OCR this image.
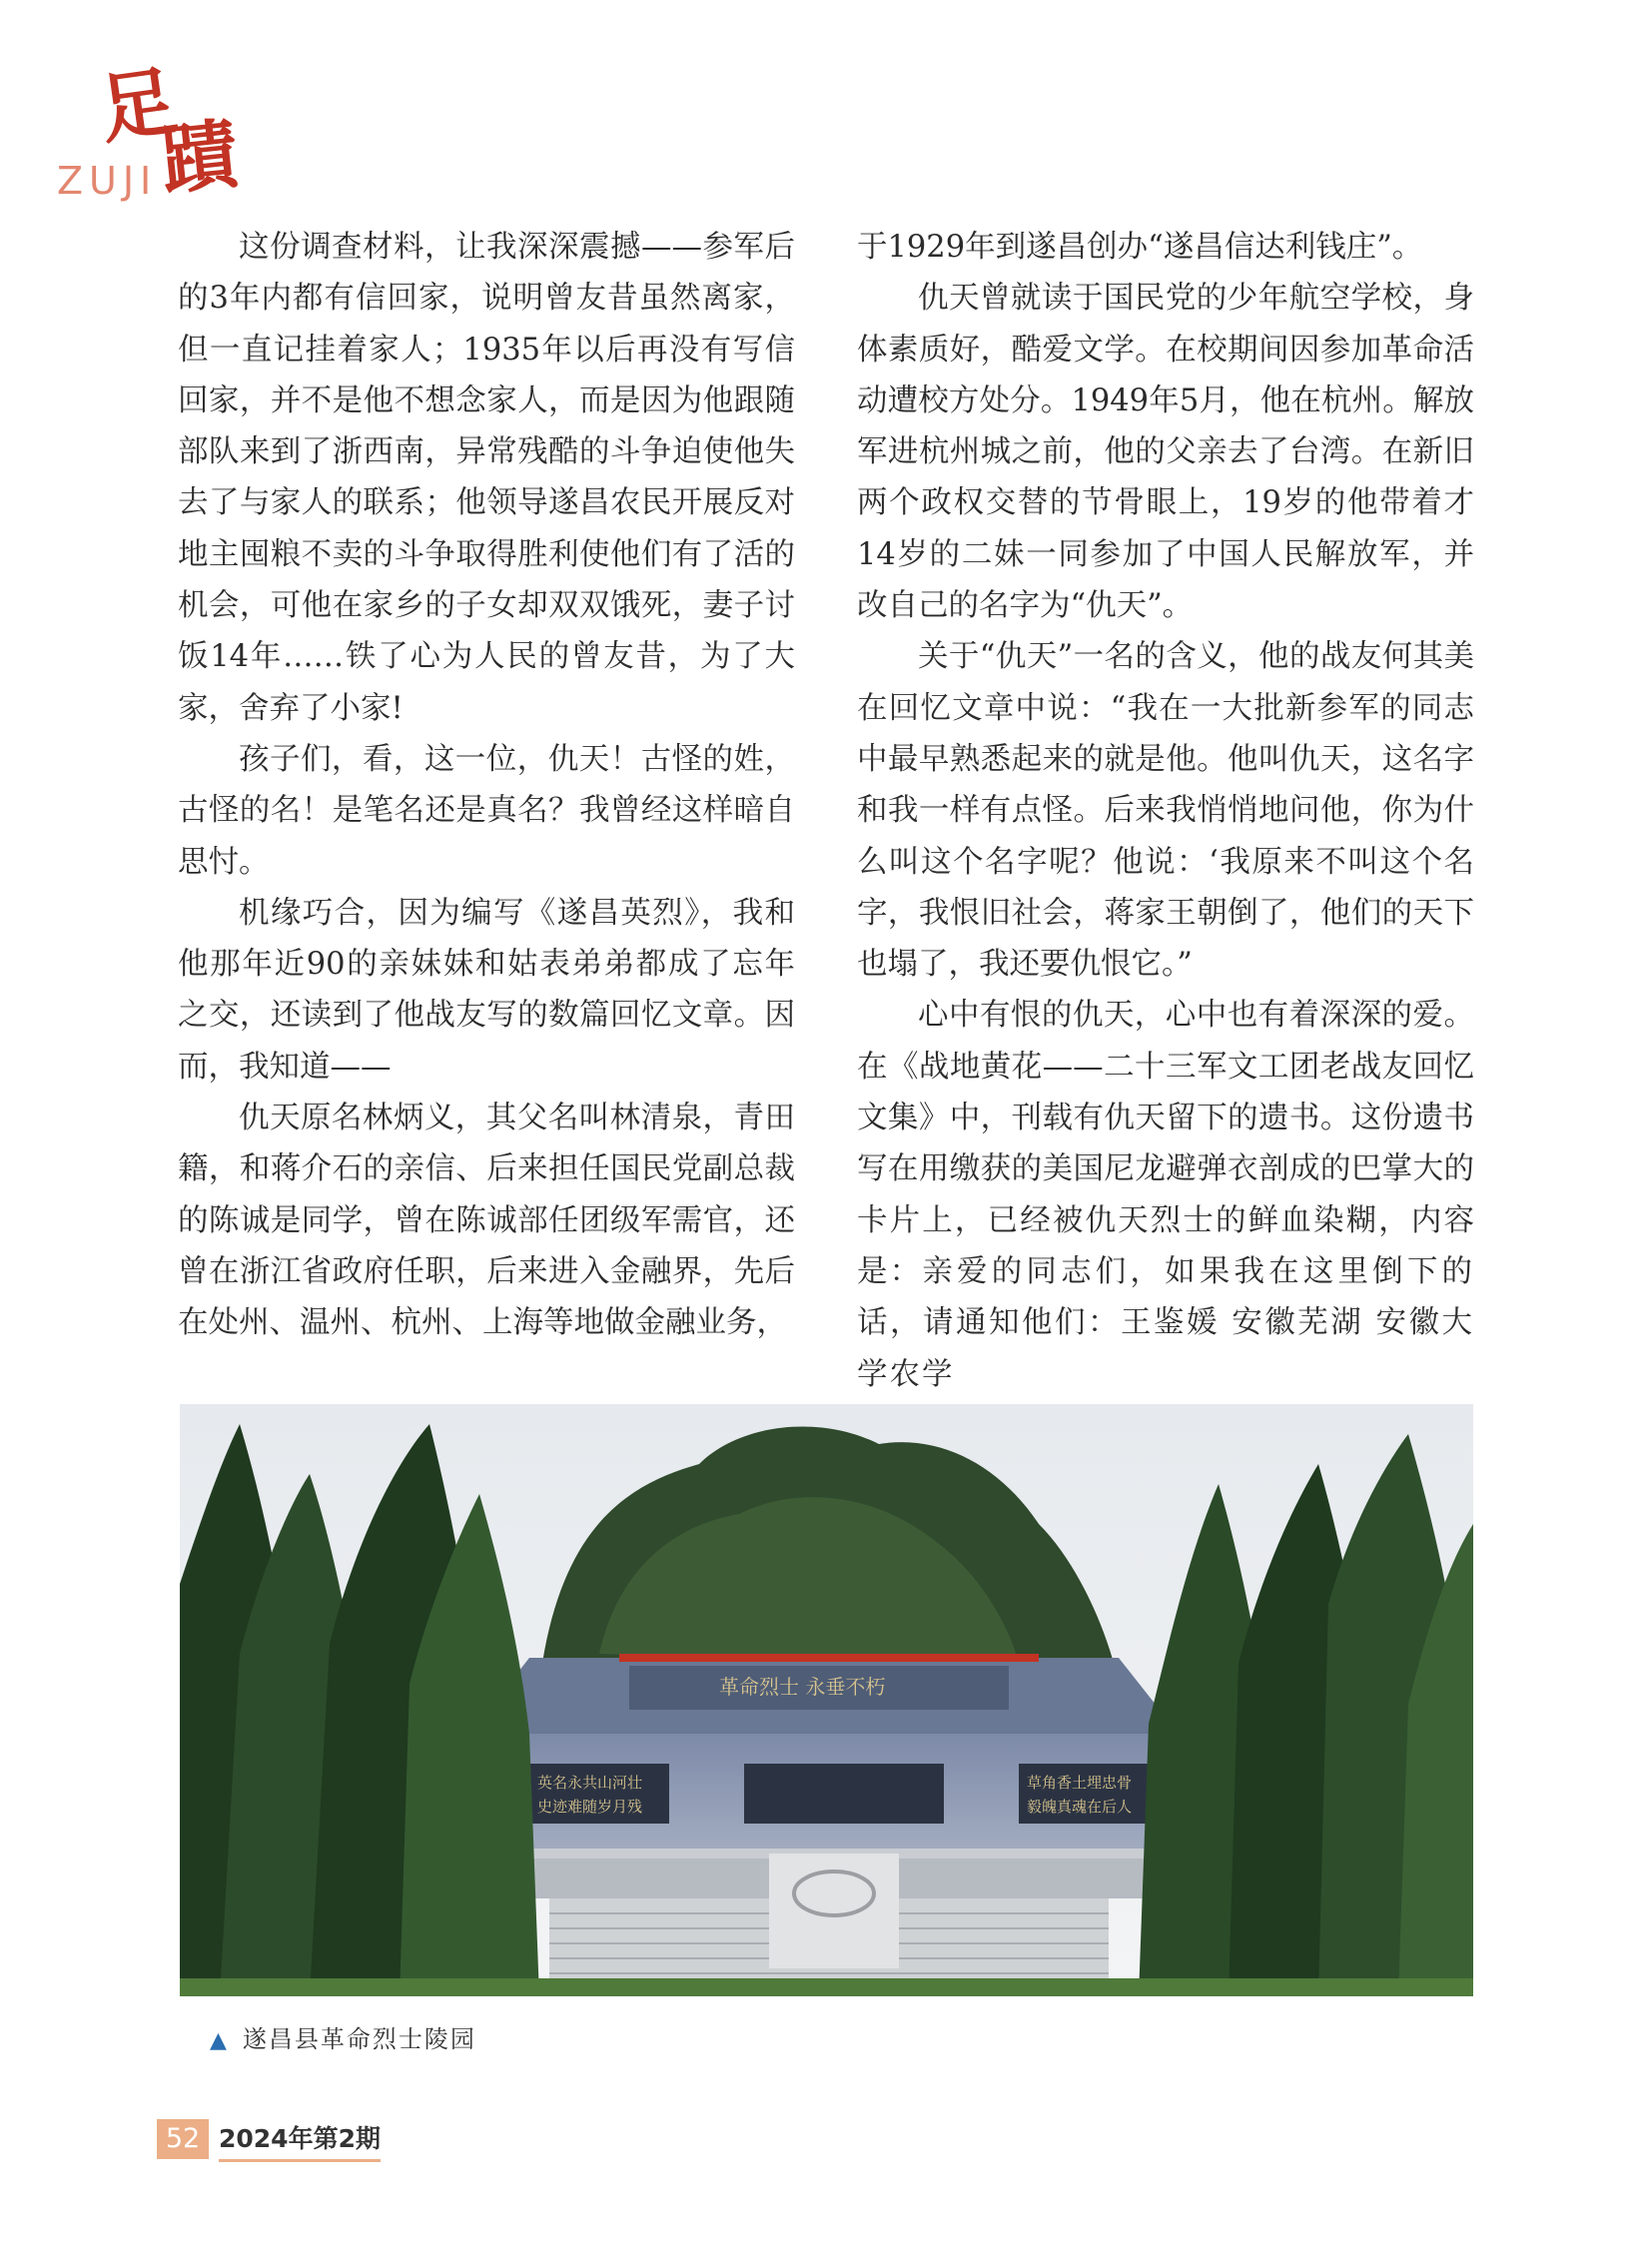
足
蹟
ZUJI

这份调查材料，让我深深震撼——参军后的3年内都有信回家，说明曾友昔虽然离家，但一直记挂着家人；1935年以后再没有写信回家，并不是他不想念家人，而是因为他跟随部队来到了浙西南，异常残酷的斗争迫使他失去了与家人的联系；他领导遂昌农民开展反对地主囤粮不卖的斗争取得胜利使他们有了活的机会，可他在家乡的子女却双双饿死，妻子讨饭14年……铁了心为人民的曾友昔，为了大家，舍弃了小家!

孩子们，看，这一位，仇天！古怪的姓，古怪的名！是笔名还是真名？我曾经这样暗自思忖。

机缘巧合，因为编写《遂昌英烈》，我和他那年近90的亲妹妹和姑表弟弟都成了忘年之交，还读到了他战友写的数篇回忆文章。因而，我知道——

仇天原名林炳义，其父名叫林清泉，青田籍，和蒋介石的亲信、后来担任国民党副总裁的陈诚是同学，曾在陈诚部任团级军需官，还曾在浙江省政府任职，后来进入金融界，先后在处州、温州、杭州、上海等地做金融业务，

于1929年到遂昌创办“遂昌信达利钱庄”。

仇天曾就读于国民党的少年航空学校，身体素质好，酷爱文学。在校期间因参加革命活动遭校方处分。1949年5月，他在杭州。解放军进杭州城之前，他的父亲去了台湾。在新旧两个政权交替的节骨眼上，19岁的他带着才14岁的二妹一同参加了中国人民解放军，并改自己的名字为“仇天”。

关于“仇天”一名的含义，他的战友何其美在回忆文章中说：“我在一大批新参军的同志中最早熟悉起来的就是他。他叫仇天，这名字和我一样有点怪。后来我悄悄地问他，你为什么叫这个名字呢？他说：‘我原来不叫这个名字，我恨旧社会，蒋家王朝倒了，他们的天下也塌了，我还要仇恨它。”

心中有恨的仇天，心中也有着深深的爱。在《战地黄花——二十三军文工团老战友回忆文集》中，刊载有仇天留下的遗书。这份遗书写在用缴获的美国尼龙避弹衣剖成的巴掌大的卡片上，已经被仇天烈士的鲜血染糊，内容是：亲爱的同志们，如果我在这里倒下的话，请通知他们：王鉴媛 安徽芜湖 安徽大学农学

革命烈士 永垂不朽
英名永共山河壮
史迹难随岁月残
草角香土埋忠骨
毅魄真魂在后人
▲ 遂昌县革命烈士陵园
52 2024年第2期
